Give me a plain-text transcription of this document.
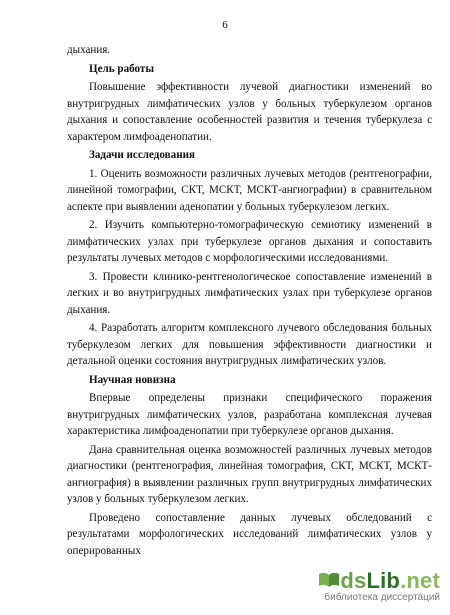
6

дыхания.

Цель работы

Повышение эффективности лучевой диагностики изменений во внутригрудных лимфатических узлов у больных туберкулезом органов дыхания и сопоставление особенностей развития и течения туберкулеза с характером лимфоаденопатии.

Задачи исследования

1. Оценить возможности различных лучевых методов (рентгенографии, линейной томографии, СКТ, МСКТ, МСКТ-ангиографии) в сравнительном аспекте при выявлении аденопатии у больных туберкулезом легких.

2. Изучить компьютерно-томографическую семиотику изменений в лимфатических узлах при туберкулезе органов дыхания и сопоставить результаты лучевых методов с морфологическими исследованиями.

3. Провести клинико-рентгенологическое сопоставление изменений в легких и во внутригрудных лимфатических узлах при туберкулезе органов дыхания.

4. Разработать алгоритм комплексного лучевого обследования больных туберкулезом легких для повышения эффективности диагностики и детальной оценки состояния внутригрудных лимфатических узлов.

Научная новизна

Впервые определены признаки специфического поражения внутригрудных лимфатических узлов, разработана комплексная лучевая характеристика лимфоаденопатии при туберкулезе органов дыхания.

Дана сравнительная оценка возможностей различных лучевых методов диагностики (рентгенография, линейная томография, СКТ, МСКТ, МСКТ-ангиография) в выявлении различных групп внутригрудных лимфатических узлов у больных туберкулезом легких.

Проведено сопоставление данных лучевых обследований с результатами морфологических исследований лимфатических узлов у оперированных

dsLib.net
библиотека диссертаций
